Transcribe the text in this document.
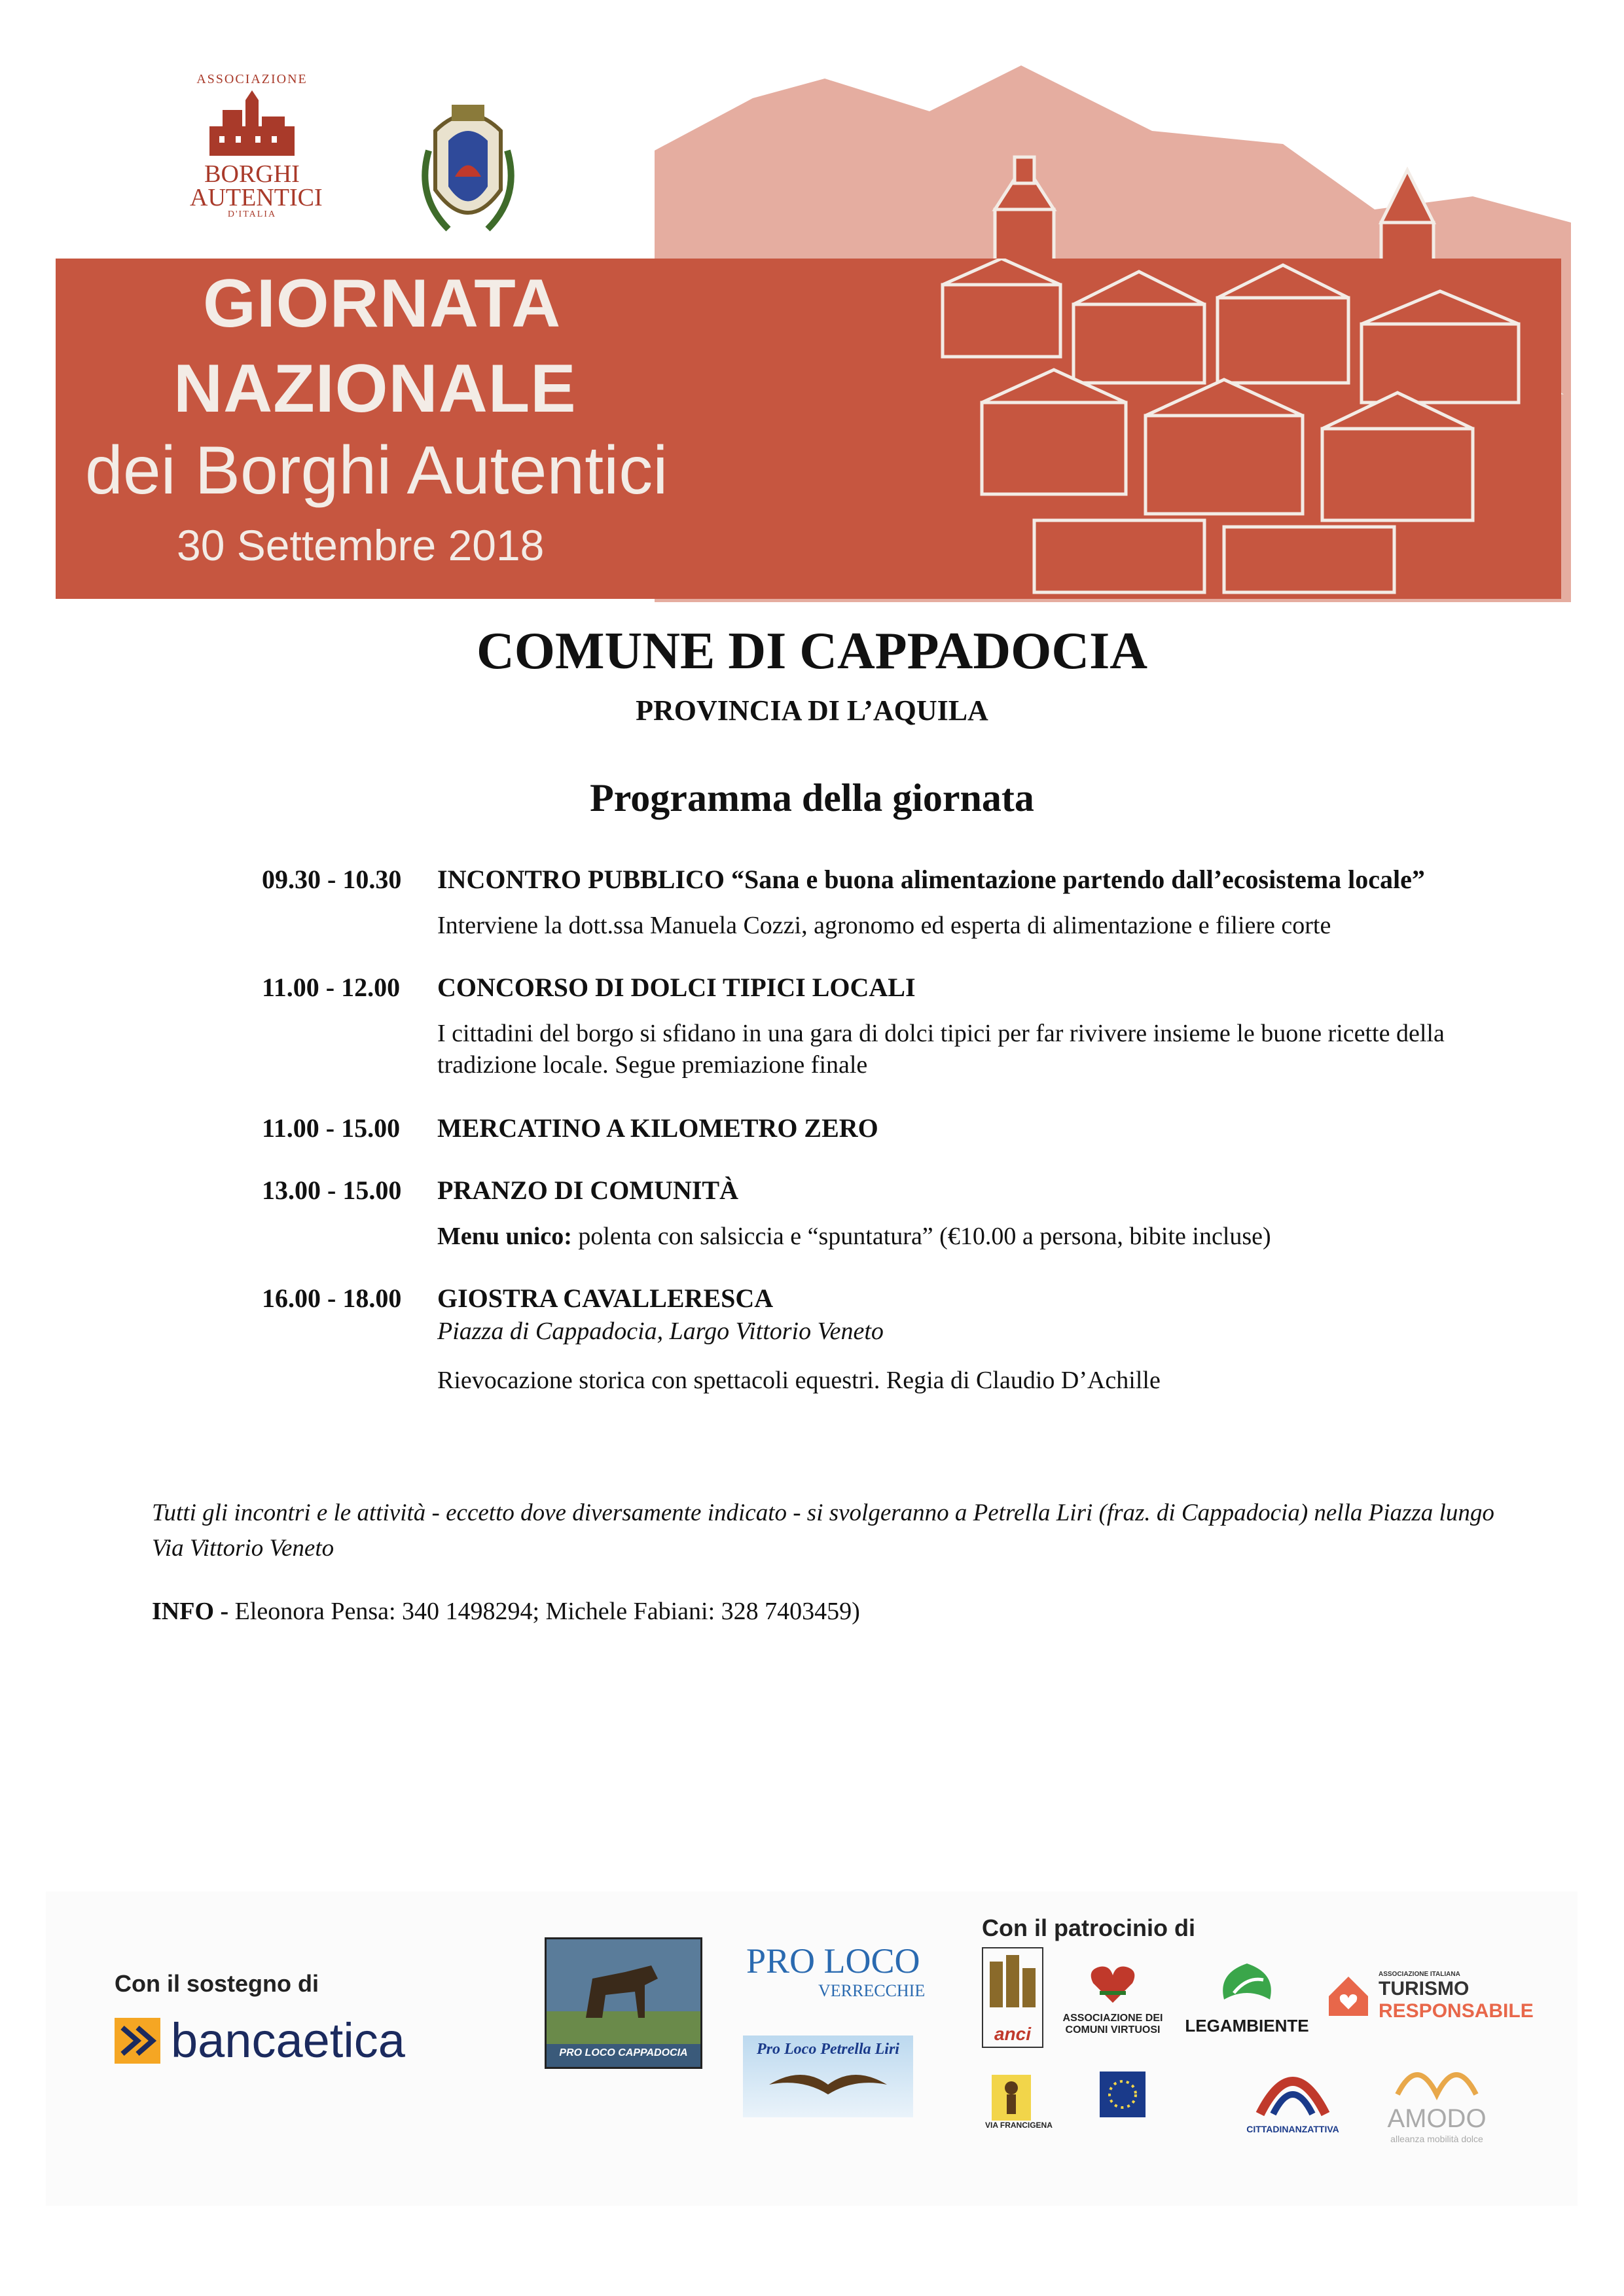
ASSOCIAZIONE
BORGHI
AUTENTICI
D'ITALIA
GIORNATA
NAZIONALE
dei Borghi Autentici
30 Settembre 2018
COMUNE DI CAPPADOCIA
PROVINCIA DI L’AQUILA
Programma della giornata
09.30 - 10.30 INCONTRO PUBBLICO “Sana e buona alimentazione partendo dall’ecosistema locale”
Interviene la dott.ssa Manuela Cozzi, agronomo ed esperta di alimentazione e filiere corte
11.00 - 12.00 CONCORSO DI DOLCI TIPICI LOCALI
I cittadini del borgo si sfidano in una gara di dolci tipici per far rivivere insieme le buone ricette della tradizione locale. Segue premiazione finale
11.00 - 15.00 MERCATINO A KILOMETRO ZERO
13.00 - 15.00 PRANZO DI COMUNITÀ
Menu unico: polenta con salsiccia e “spuntatura” (€10.00 a persona, bibite incluse)
16.00 - 18.00 GIOSTRA CAVALLERESCA
Piazza di Cappadocia, Largo Vittorio Veneto
Rievocazione storica con spettacoli equestri. Regia di Claudio D’Achille
Tutti gli incontri e le attività - eccetto dove diversamente indicato - si svolgeranno a Petrella Liri (fraz. di Cappadocia) nella Piazza lungo Via Vittorio Veneto
INFO - Eleonora Pensa: 340 1498294; Michele Fabiani: 328 7403459)
Con il sostegno di
bancaetica	PRO LOCO CAPPADOCIA
PRO LOCO
VERRECCHIE
Pro Loco Petrella Liri
Con il patrocinio di
anci
ASSOCIAZIONE DEI COMUNI VIRTUOSI	LEGAMBIENTE
ASSOCIAZIONE ITALIANA
TURISMO
RESPONSABILE
VIA FRANCIGENA	CITTADINANZATTIVA	AMODO
alleanza mobilità dolce
